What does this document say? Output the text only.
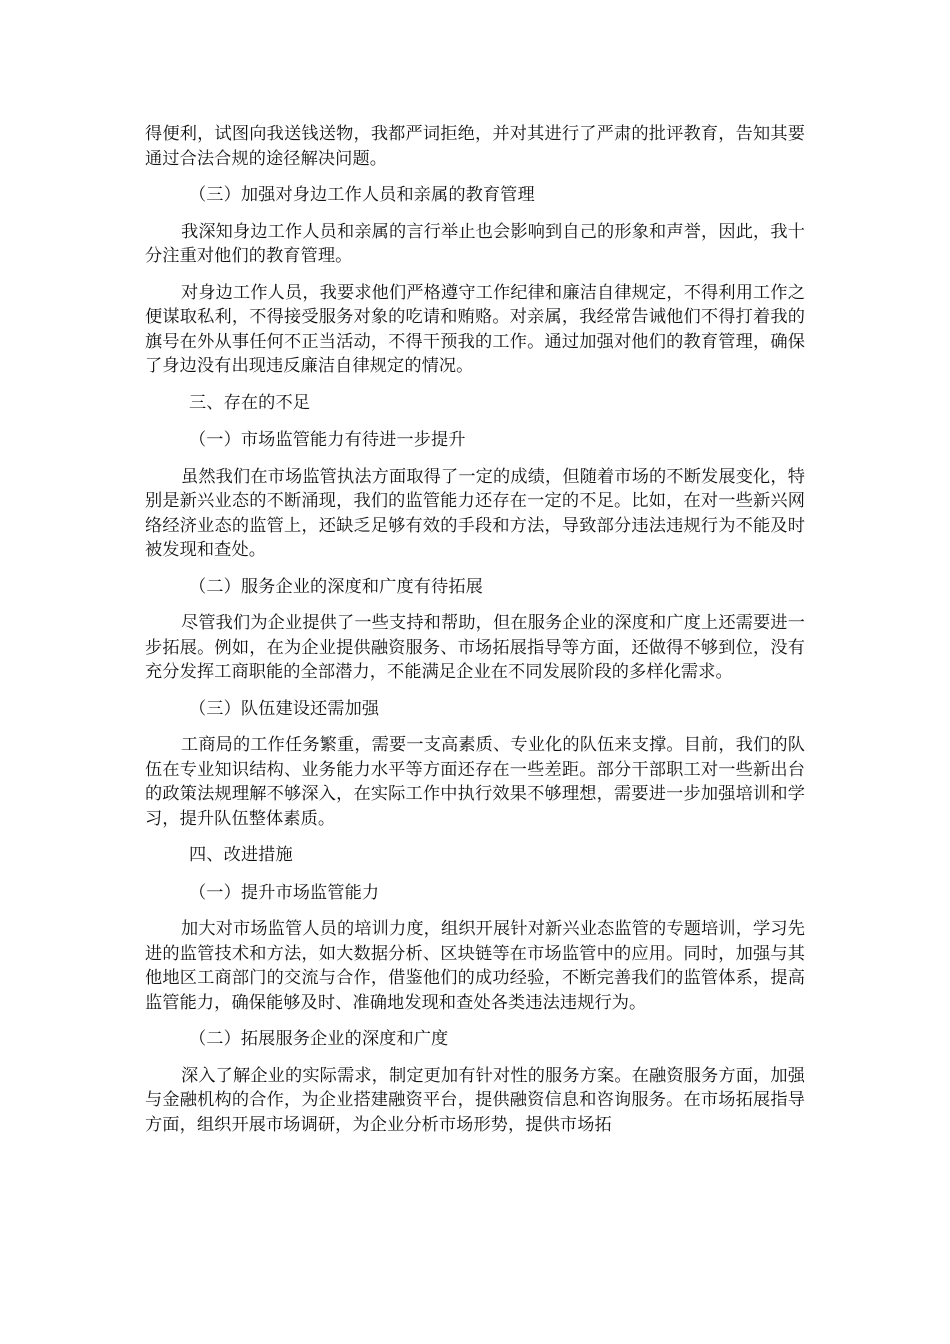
得便利，试图向我送钱送物，我都严词拒绝，并对其进行了严肃的批评教育，告知其要通过合法合规的途径解决问题。

（三）加强对身边工作人员和亲属的教育管理

我深知身边工作人员和亲属的言行举止也会影响到自己的形象和声誉，因此，我十分注重对他们的教育管理。

对身边工作人员，我要求他们严格遵守工作纪律和廉洁自律规定，不得利用工作之便谋取私利，不得接受服务对象的吃请和贿赂。对亲属，我经常告诫他们不得打着我的旗号在外从事任何不正当活动，不得干预我的工作。通过加强对他们的教育管理，确保了身边没有出现违反廉洁自律规定的情况。

三、存在的不足

（一）市场监管能力有待进一步提升

虽然我们在市场监管执法方面取得了一定的成绩，但随着市场的不断发展变化，特别是新兴业态的不断涌现，我们的监管能力还存在一定的不足。比如，在对一些新兴网络经济业态的监管上，还缺乏足够有效的手段和方法，导致部分违法违规行为不能及时被发现和查处。

（二）服务企业的深度和广度有待拓展

尽管我们为企业提供了一些支持和帮助，但在服务企业的深度和广度上还需要进一步拓展。例如，在为企业提供融资服务、市场拓展指导等方面，还做得不够到位，没有充分发挥工商职能的全部潜力，不能满足企业在不同发展阶段的多样化需求。

（三）队伍建设还需加强

工商局的工作任务繁重，需要一支高素质、专业化的队伍来支撑。目前，我们的队伍在专业知识结构、业务能力水平等方面还存在一些差距。部分干部职工对一些新出台的政策法规理解不够深入，在实际工作中执行效果不够理想，需要进一步加强培训和学习，提升队伍整体素质。

四、改进措施

（一）提升市场监管能力

加大对市场监管人员的培训力度，组织开展针对新兴业态监管的专题培训，学习先进的监管技术和方法，如大数据分析、区块链等在市场监管中的应用。同时，加强与其他地区工商部门的交流与合作，借鉴他们的成功经验，不断完善我们的监管体系，提高监管能力，确保能够及时、准确地发现和查处各类违法违规行为。

（二）拓展服务企业的深度和广度

深入了解企业的实际需求，制定更加有针对性的服务方案。在融资服务方面，加强与金融机构的合作，为企业搭建融资平台，提供融资信息和咨询服务。在市场拓展指导方面，组织开展市场调研，为企业分析市场形势，提供市场拓
